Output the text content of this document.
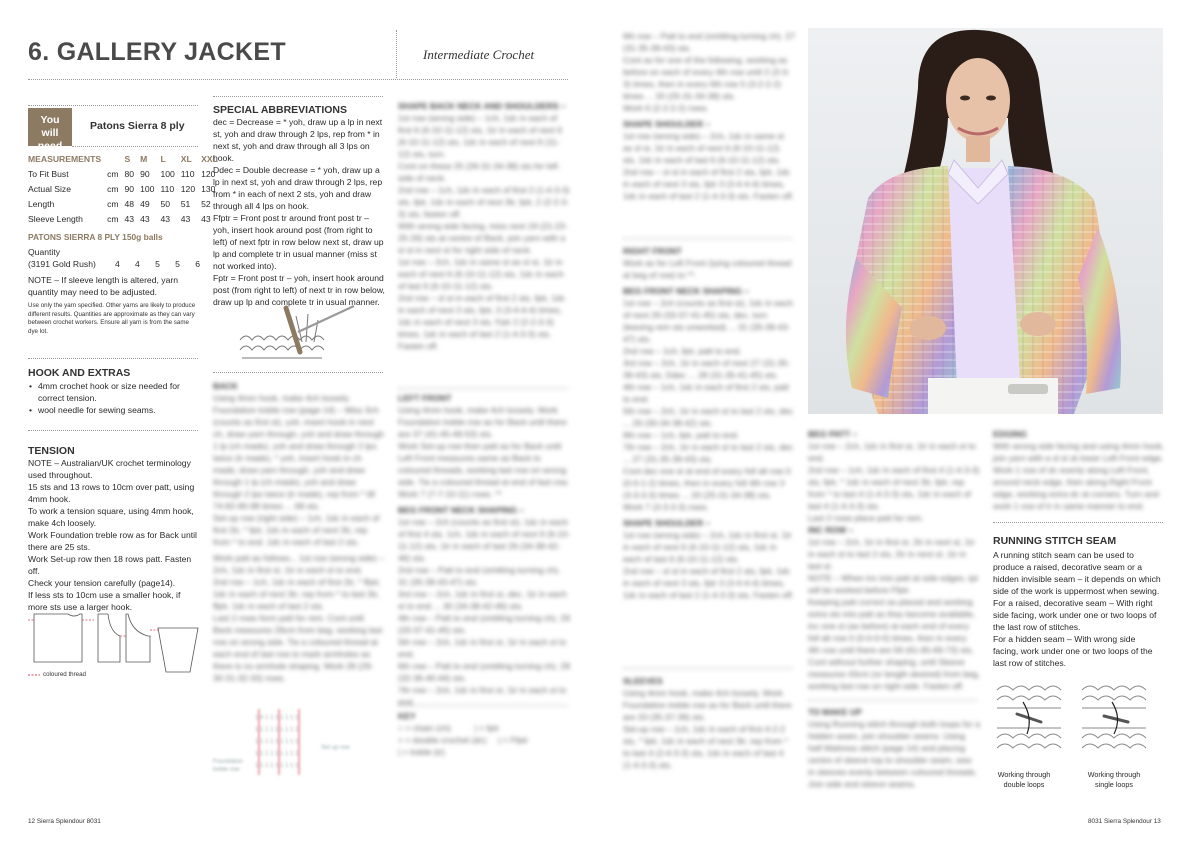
6. GALLERY JACKET	Intermediate Crochet
You will need
Patons Sierra 8 ply
MEASUREMENTS		S	M	L	XL	XXL
To Fit Bust	cm	80	90	100	110	120
Actual Size	cm	90	100	110	120	130
Length	cm	48	49	50	51	52
Sleeve Length	cm	43	43	43	43	43
PATONS SIERRA 8 PLY 150g balls
Quantity
(3191 Gold Rush) 4 4 5 5 6
NOTE – If sleeve length is altered, yarn quantity may need to be adjusted.
Use only the yarn specified. Other yarns are likely to produce different results. Quantities are approximate as they can vary between crochet workers. Ensure all yarn is from the same dye lot.
HOOK AND EXTRAS
• 4mm crochet hook or size needed for correct tension.
• wool needle for sewing seams.
TENSION
NOTE – Australian/UK crochet terminology used throughout.
15 sts and 13 rows to 10cm over patt, using 4mm hook.
To work a tension square, using 4mm hook, make 4ch loosely.
Work Foundation treble row as for Back until there are 25 sts.
Work Set-up row then 18 rows patt. Fasten off.
Check your tension carefully (page14).
If less sts to 10cm use a smaller hook, if more sts use a larger hook.
coloured thread
SPECIAL ABBREVIATIONS
dec = Decrease = * yoh, draw up a lp in next st, yoh and draw through 2 lps, rep from * in next st, yoh and draw through all 3 lps on hook.
Ddec = Double decrease = * yoh, draw up a lp in next st, yoh and draw through 2 lps, rep from * in each of next 2 sts, yoh and draw through all 4 lps on hook.
Ffptr = Front post tr around front post tr – yoh, insert hook around post (from right to left) of next fptr in row below next st, draw up lp and complete tr in usual manner (miss st not worked into).
Fptr = Front post tr – yoh, insert hook around post (from right to left) of next tr in row below, draw up lp and complete tr in usual manner.
BACK
Using 4mm hook, make 4ch loosely. Foundation treble row (page 14) – Miss 3ch (counts as first st), yoh, insert hook in next ch, draw yarn through, yoh and draw through 1 lp (ch made), yoh and draw through 2 lps twice (tr made), * yoh, insert hook in ch made, draw yarn through, yoh and draw through 1 lp (ch made), yoh and draw through 2 lps twice (tr made), rep from * till 74-82-90-98 times ... 68 sts.
Set-up row (right side) – 1ch, 1dc in each of first 2tr, * fptr, 1dc in each of next 3tr, rep from * to end. 1dc in each of last 2 sts.
Work patt as follows... 1st row (wrong side) – 2ch, 1dc in first st, 1tr in each st to end.
2nd row – 1ch, 1dc in each of first 2tr, * ffptr, 1dc in each of next 3tr, rep from * to last 3tr, ffptr, 1dc in each of last 2 sts.
Last 2 rows form patt for rem. Cont until Back measures 29cm from beg, working last row on wrong side. Tie a coloured thread at each end of last row to mark armholes as there is no armhole shaping. Work 28 (29-30-31-32-33) rows.
1 4 1 1 1 1 1 1 1
1 1 1 1 1 1 1 1 1
1 1 1 1 1 1 1 1 1
1 1 1 1 1 1 1 1 1
1 1 1 1 1 1 1 1 1
Foundation
treble row
Set up row
SHAPE BACK NECK AND SHOULDERS –
1st row (wrong side) – 1ch, 1dc in each of first 6 (6-10-11-12) sts, 1tr in each of next 6 (6-10-11-12) sts, 1dc in each of next 6 (11-12) sts, turn.
Cont on these 25 (26-31-34-38) sts for left side of neck.
2nd row – 1ch, 1dc in each of first 2 (1-4-3-3) sts, fptr, 1dc in each of next 3tr, fptr, 2 (2-2-3-3) sts, fasten off.
With wrong side facing, miss next 19 (21-23-25-26) sts at centre of Back, join yarn with a sl st in next st for right side of neck.
1st row – 2ch, 1dc in same st as sl st, 1tr in each of next 6 (6-10-11-12) sts, 1dc in each of last 6 (6-10-11-12) sts.
2nd row – sl st in each of first 2 sts, fptr, 1dc in each of next 3 sts, fptr, 3 (3-4-4-4) times, 1dc in each of next 3 sts. Fptr 2 (2-2-3-3) times, 1dc in each of last 2 (1-4-3-3) sts. Fasten off.
LEFT FRONT
Using 4mm hook, make 4ch loosely. Work Foundation treble row as for Back until there are 37 (41-45-49-53) sts.
Work Set-up row then patt as for Back until Left Front measures same as Back to coloured threads, working last row on wrong side. Tie a coloured thread at end of last row. Work 7 (7-7-10-11) rows. **
BEG FRONT NECK SHAPING –
1st row – 2ch (counts as first st), 1dc in each of first 4 sts, 1ch, 1dc in each of next 6 (6-10-11-12) sts, 1tr in each of last 26 (34-38-42-46) sts.
2nd row – Patt to end (omitting turning ch). 31 (35-39-43-47) sts.
3rd row – 2ch, 1dc in first st, dec, 1tr in each st to end ... 30 (34-38-42-46) sts.
4th row – Patt to end (omitting turning ch). 29 (33-37-41-45) sts.
5th row – 2ch, 1dc in first st, 1tr in each st to end.
6th row – Patt to end (omitting turning ch). 28 (32-36-40-44) sts.
7th row – 2ch, 1dc in first st, 1tr in each st to end.
KEY
○ = chain (ch)          | = fptr
+ = double crochet (dc)     | = Ffptr
| = treble (tr)
6th row – Patt to end (omitting turning ch). 27 (31-35-39-43) sts.
Cont as for one of the following, working as before on each of every 4th row until 2 (3-3-3) times, then in every 6th row 5 (3-2-2-2) times ... 20 (25-31-34-38) sts.
Work 6 (2-2-2-2) rows.
SHAPE SHOULDER –
1st row (wrong side) – 2ch, 1dc in same st as sl st, 1tr in each of next 6 (6-10-11-12) sts, 1dc in each of last 6 (6-10-11-12) sts.
2nd row – sl st in each of first 2 sts, fptr, 1dc in each of next 3 sts, fptr 3 (3-4-4-4) times, 1dc in each of last 2 (1-4-3-3) sts. Fasten off.
RIGHT FRONT
Work as for Left Front (tying coloured thread at beg of row) to **.
BEG FRONT NECK SHAPING –
1st row – 2ch (counts as first st), 1dc in each of next 26 (33-37-41-45) sts, dec, turn (leaving rem sts unworked) ... 31 (35-39-43-47) sts.
2nd row – 1ch, fptr, patt to end.
3rd row – 2ch, 1tr in each of next 27 (31-35-39-43) sts, Ddec ... 28 (31-35-41-45) sts.
4th row – 1ch, 1dc in each of first 2 sts, patt to end.
5th row – 2ch, 1tr in each st to last 2 sts, dec ... 26 (30-34-38-42) sts.
6th row – 1ch, fptr, patt to end.
7th row – 2ch, 1tr in each st to last 2 sts, dec ... 27 (31-35-39-43) sts.
Cont dec one st at end of every foll alt row 0 (0-0-1-2) times, then in every foll 4th row 3 (3-3-3-3) times ... 20 (25-31-34-38) sts.
Work 7 (3-3-3-3) rows.
SHAPE SHOULDER –
1st row (wrong side) – 2ch, 1dc in first st, 1tr in each of next 6 (6-10-11-12) sts, 1dc in each of last 6 (6-10-11-12) sts.
2nd row – sl st in each of first 2 sts, fptr, 1dc in each of next 3 sts, fptr 3 (3-4-4-4) times, 1dc in each of last 2 (1-4-3-3) sts. Fasten off.
SLEEVES
Using 4mm hook, make 4ch loosely. Work Foundation treble row as for Back until there are 33 (35-37-39) sts.
Set-up row – 1ch, 1dc in each of first 4-2-2 sts, * fptr, 1dc in each of next 3tr, rep from * to last 4 (2-4-3-3) sts, 1dc in each of last 4 (1-4-3-3) sts.
BEG PATT –
1st row – 2ch, 1dc in first st, 1tr in each st to end.
2nd row – 1ch, 1dc in each of first 4 (1-4-3-3) sts, fptr, * 1dc in each of next 3tr, fptr, rep from * to last 4 (1-4-3-3) sts, 1dc in each of last 4 (1-4-3-3) sts.
Last 2 rows place patt for rem.
INC ROW –
1st row – 2ch, 1tr in first st, 2tr in next st, 1tr in each st to last 2 sts, 2tr in next st, 1tr in last st.
NOTE – When inc into patt at side edges, tpt will be worked before Ffptr.
Keeping patt correct as placed and working extra sts into patt as they become available, inc one st (as before) at each end of every foll alt row 0 (0-0-0-0) times, then in every 4th row until there are 59 (61-65-69-73) sts.
Cont without further shaping, until Sleeve measures 43cm (or length desired) from beg, working last row on right side. Fasten off.
TO MAKE UP
Using Running stitch through both loops for a hidden seam, join shoulder seams. Using half Mattress stitch (page 14) and placing centre of sleeve top to shoulder seam, sew in sleeves evenly between coloured threads. Join side and sleeve seams.
EDGING
With wrong side facing and using 4mm hook, join yarn with a sl st at lower Left Front edge. Work 1 row of dc evenly along Left Front, around neck edge, then along Right Front edge, working extra dc at corners. Turn and work 1 row of tr in same manner to end.
RUNNING STITCH SEAM
A running stitch seam can be used to produce a raised, decorative seam or a hidden invisible seam – it depends on which side of the work is uppermost when sewing.
For a raised, decorative seam – With right side facing, work under one or two loops of the last row of stitches.
For a hidden seam – With wrong side facing, work under one or two loops of the last row of stitches.
Working through double loops
Working through single loops
12 Sierra Splendour 8031	8031 Sierra Splendour 13
